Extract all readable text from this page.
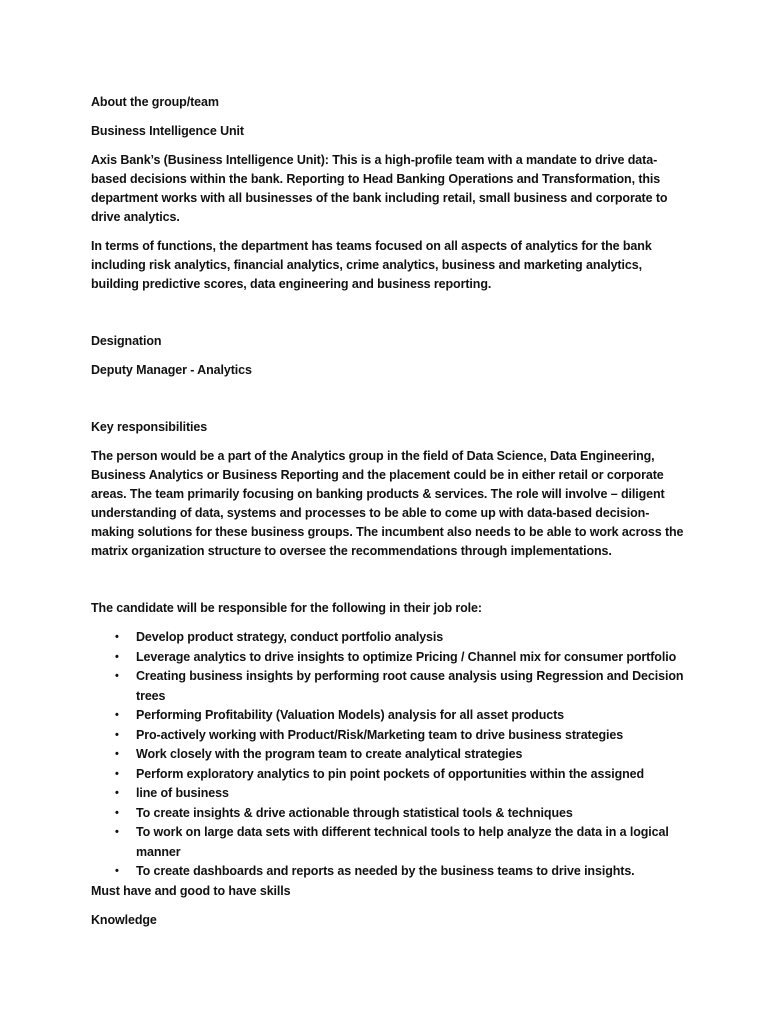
About the group/team

Business Intelligence Unit

Axis Bank’s (Business Intelligence Unit): This is a high-profile team with a mandate to drive data-based decisions within the bank. Reporting to Head Banking Operations and Transformation, this department works with all businesses of the bank including retail, small business and corporate to drive analytics.

In terms of functions, the department has teams focused on all aspects of analytics for the bank including risk analytics, financial analytics, crime analytics, business and marketing analytics, building predictive scores, data engineering and business reporting.

Designation

Deputy Manager - Analytics

Key responsibilities

The person would be a part of the Analytics group in the field of Data Science, Data Engineering, Business Analytics or Business Reporting and the placement could be in either retail or corporate areas. The team primarily focusing on banking products & services. The role will involve – diligent understanding of data, systems and processes to be able to come up with data-based decision-making solutions for these business groups. The incumbent also needs to be able to work across the matrix organization structure to oversee the recommendations through implementations.

The candidate will be responsible for the following in their job role:

• Develop product strategy, conduct portfolio analysis
• Leverage analytics to drive insights to optimize Pricing / Channel mix for consumer portfolio
• Creating business insights by performing root cause analysis using Regression and Decision trees
• Performing Profitability (Valuation Models) analysis for all asset products
• Pro-actively working with Product/Risk/Marketing team to drive business strategies
• Work closely with the program team to create analytical strategies
• Perform exploratory analytics to pin point pockets of opportunities within the assigned
• line of business
• To create insights & drive actionable through statistical tools & techniques
• To work on large data sets with different technical tools to help analyze the data in a logical manner
• To create dashboards and reports as needed by the business teams to drive insights.

Must have and good to have skills

Knowledge
